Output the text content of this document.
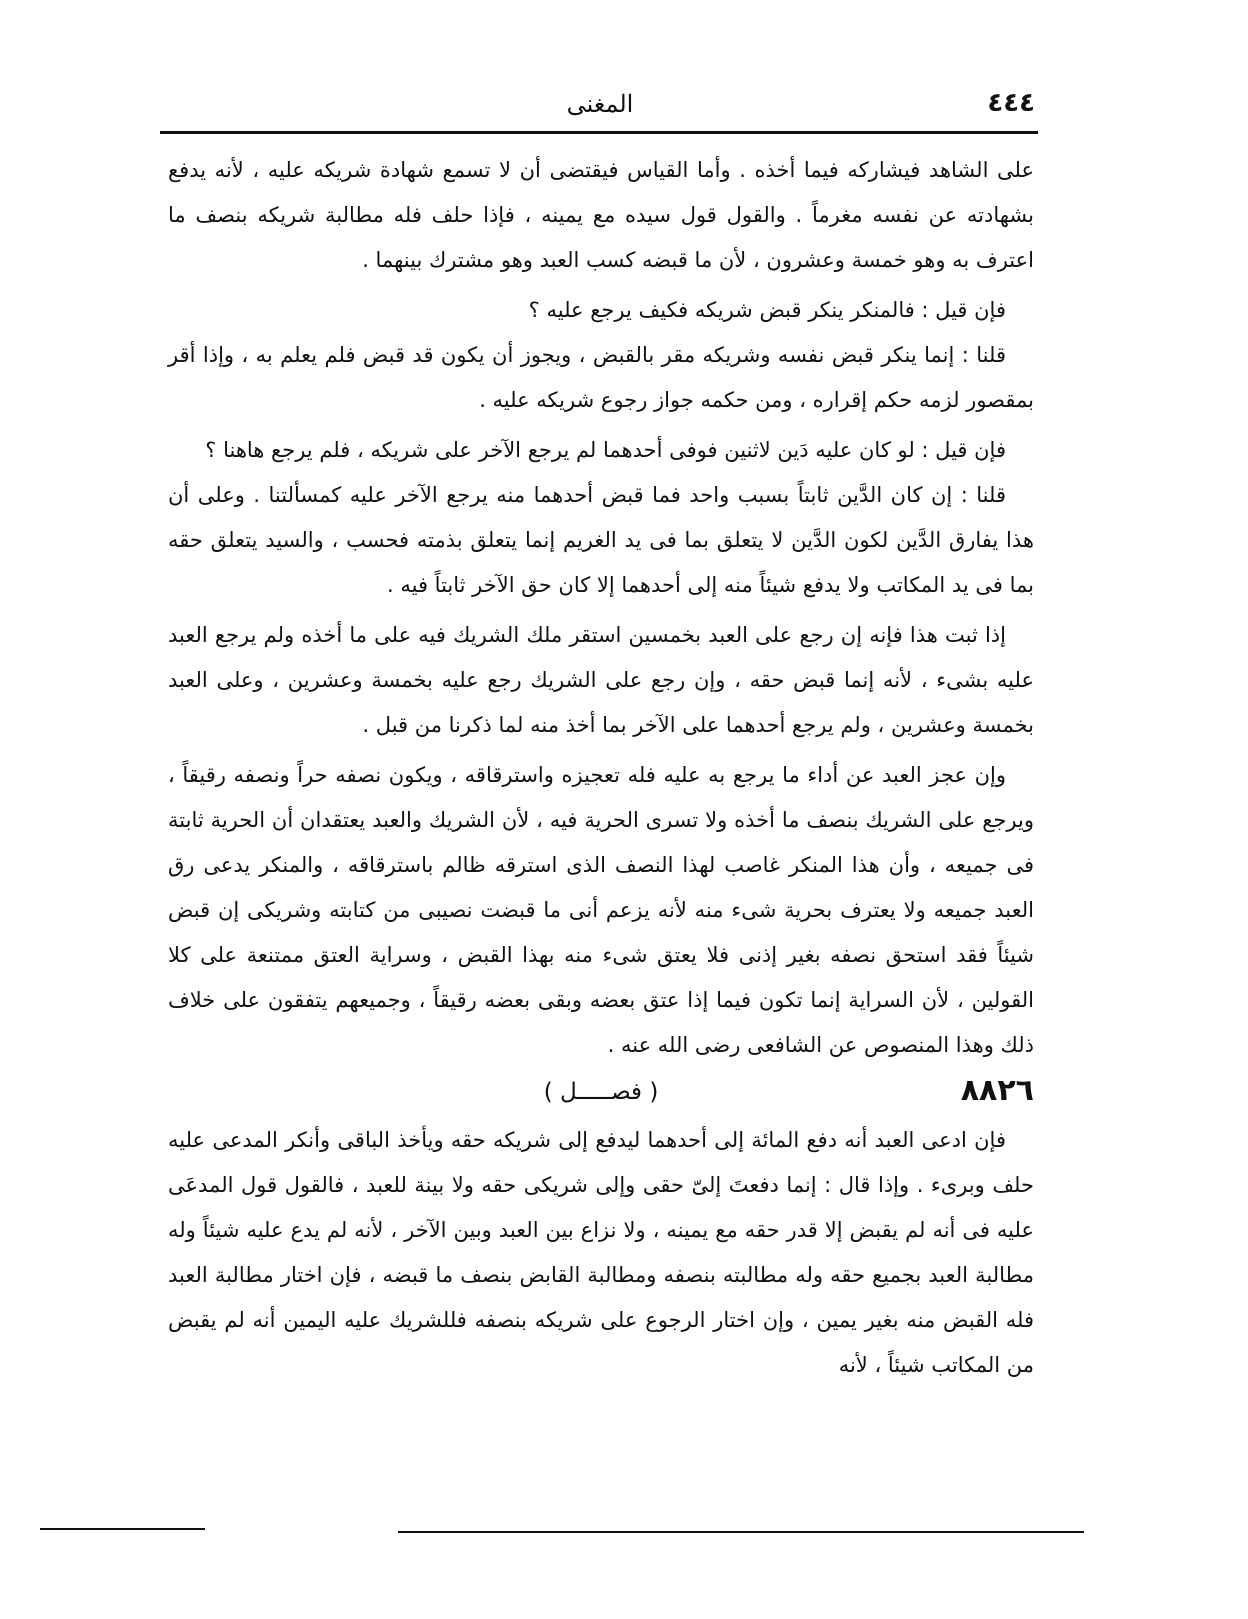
٤٤٤
المغنى

على الشاهد فيشاركه فيما أخذه . وأما القياس فيقتضى أن لا تسمع شهادة شريكه عليه ، لأنه يدفع بشهادته عن نفسه مغرماً . والقول قول سيده مع يمينه ، فإذا حلف فله مطالبة شريكه بنصف ما اعترف به وهو خمسة وعشرون ، لأن ما قبضه كسب العبد وهو مشترك بينهما .

فإن قيل : فالمنكر ينكر قبض شريكه فكيف يرجع عليه ؟

قلنا : إنما ينكر قبض نفسه وشريكه مقر بالقبض ، ويجوز أن يكون قد قبض فلم يعلم به ، وإذا أقر بمقصور لزمه حكم إقراره ، ومن حكمه جواز رجوع شريكه عليه .

فإن قيل : لو كان عليه دَين لاثنين فوفى أحدهما لم يرجع الآخر على شريكه ، فلم يرجع هاهنا ؟

قلنا : إن كان الدَّين ثابتاً بسبب واحد فما قبض أحدهما منه يرجع الآخر عليه كمسألتنا . وعلى أن هذا يفارق الدَّين لكون الدَّين لا يتعلق بما فى يد الغريم إنما يتعلق بذمته فحسب ، والسيد يتعلق حقه بما فى يد المكاتب ولا يدفع شيئاً منه إلى أحدهما إلا كان حق الآخر ثابتاً فيه .

إذا ثبت هذا فإنه إن رجع على العبد بخمسين استقر ملك الشريك فيه على ما أخذه ولم يرجع العبد عليه بشىء ، لأنه إنما قبض حقه ، وإن رجع على الشريك رجع عليه بخمسة وعشرين ، وعلى العبد بخمسة وعشرين ، ولم يرجع أحدهما على الآخر بما أخذ منه لما ذكرنا من قبل .

وإن عجز العبد عن أداء ما يرجع به عليه فله تعجيزه واسترقاقه ، ويكون نصفه حراً ونصفه رقيقاً ، ويرجع على الشريك بنصف ما أخذه ولا تسرى الحرية فيه ، لأن الشريك والعبد يعتقدان أن الحرية ثابتة فى جميعه ، وأن هذا المنكر غاصب لهذا النصف الذى استرقه ظالم باسترقاقه ، والمنكر يدعى رق العبد جميعه ولا يعترف بحرية شىء منه لأنه يزعم أنى ما قبضت نصيبى من كتابته وشريكى إن قبض شيئاً فقد استحق نصفه بغير إذنى فلا يعتق شىء منه بهذا القبض ، وسراية العتق ممتنعة على كلا القولين ، لأن السراية إنما تكون فيما إذا عتق بعضه وبقى بعضه رقيقاً ، وجميعهم يتفقون على خلاف ذلك وهذا المنصوص عن الشافعى رضى الله عنه .

٨٨٢٦
( فصـــــل )

فإن ادعى العبد أنه دفع المائة إلى أحدهما ليدفع إلى شريكه حقه ويأخذ الباقى وأنكر المدعى عليه حلف وبرىء . وإذا قال : إنما دفعتَ إلىّ حقى وإلى شريكى حقه ولا بينة للعبد ، فالقول قول المدعَى عليه فى أنه لم يقبض إلا قدر حقه مع يمينه ، ولا نزاع بين العبد وبين الآخر ، لأنه لم يدع عليه شيئاً وله مطالبة العبد بجميع حقه وله مطالبته بنصفه ومطالبة القابض بنصف ما قبضه ، فإن اختار مطالبة العبد فله القبض منه بغير يمين ، وإن اختار الرجوع على شريكه بنصفه فللشريك عليه اليمين أنه لم يقبض من المكاتب شيئاً ، لأنه
